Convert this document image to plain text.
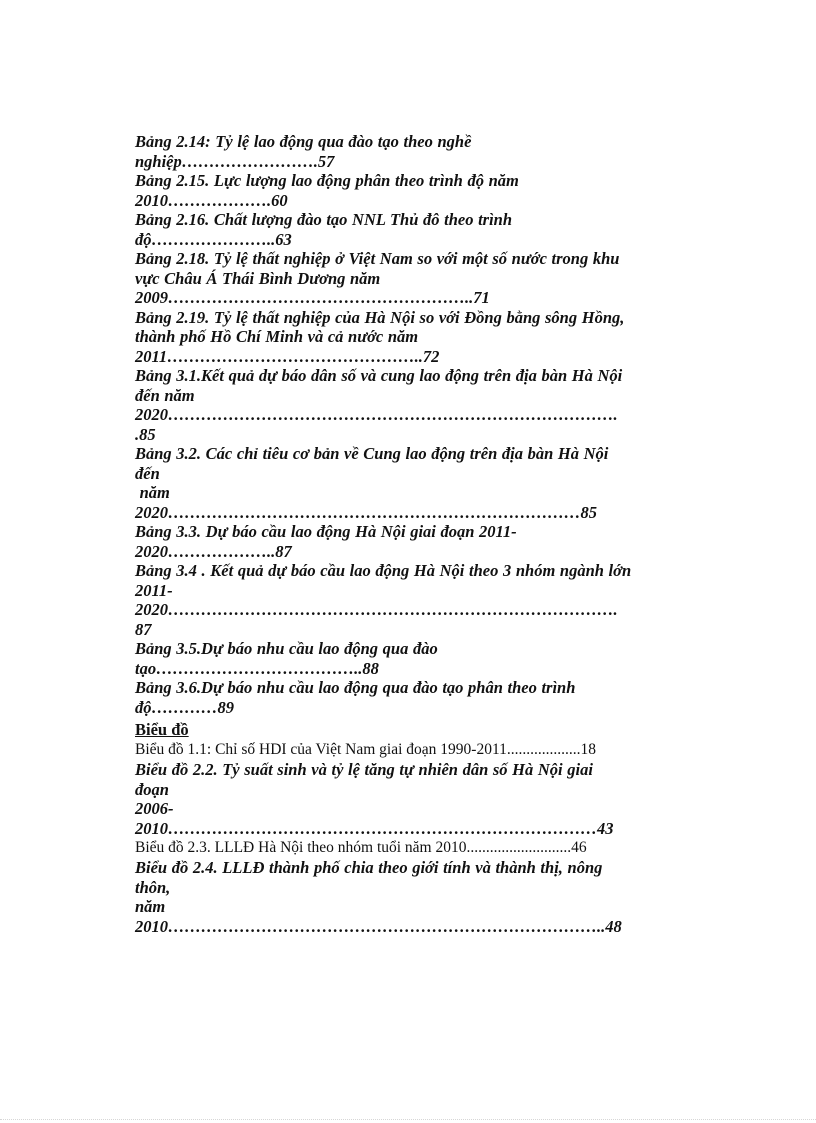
Bảng 2.14: Tỷ lệ lao động qua đào tạo theo nghề
nghiệp…………………….57
Bảng 2.15. Lực lượng lao động phân theo trình độ năm
2010……………….60
Bảng 2.16. Chất lượng đào tạo NNL Thủ đô theo trình
độ…………………..63
Bảng 2.18. Tỷ lệ thất nghiệp ở Việt Nam so với một số nước trong khu
vực Châu Á Thái Bình Dương năm
2009………………………………………………..71
Bảng 2.19. Tỷ lệ thất nghiệp của Hà Nội so với Đồng bằng sông Hồng,
thành phố Hồ Chí Minh và cả nước năm
2011………………………………………..72
Bảng 3.1.Kết quả dự báo dân số và cung lao động trên địa bàn Hà Nội
đến năm
2020……………………………………………………………………….
.85
Bảng 3.2. Các chỉ tiêu cơ bản về Cung lao động trên địa bàn Hà Nội
đến
năm
2020…………………………………………………………………85
Bảng 3.3. Dự báo cầu lao động Hà Nội giai đoạn 2011-
2020………………..87
Bảng 3.4 . Kết quả dự báo cầu lao động Hà Nội theo 3 nhóm ngành lớn
2011-
2020……………………………………………………………………….
87
Bảng 3.5.Dự báo nhu cầu lao động qua đào
tạo………………………………..88
Bảng 3.6.Dự báo nhu cầu lao động qua đào tạo phân theo trình
độ…………89
Biểu đồ
Biểu đồ 1.1: Chỉ số HDI của Việt Nam giai đoạn 1990-2011...................18
Biểu đồ 2.2. Tỷ suất sinh và tỷ lệ tăng tự nhiên dân số Hà Nội giai
đoạn
2006-
2010……………………………………………………………………43
Biểu đồ 2.3. LLLĐ Hà Nội theo nhóm tuổi năm 2010...........................46
Biểu đồ 2.4. LLLĐ thành phố chia theo giới tính và thành thị, nông
thôn,
năm
2010……………………………………………………………………..48
